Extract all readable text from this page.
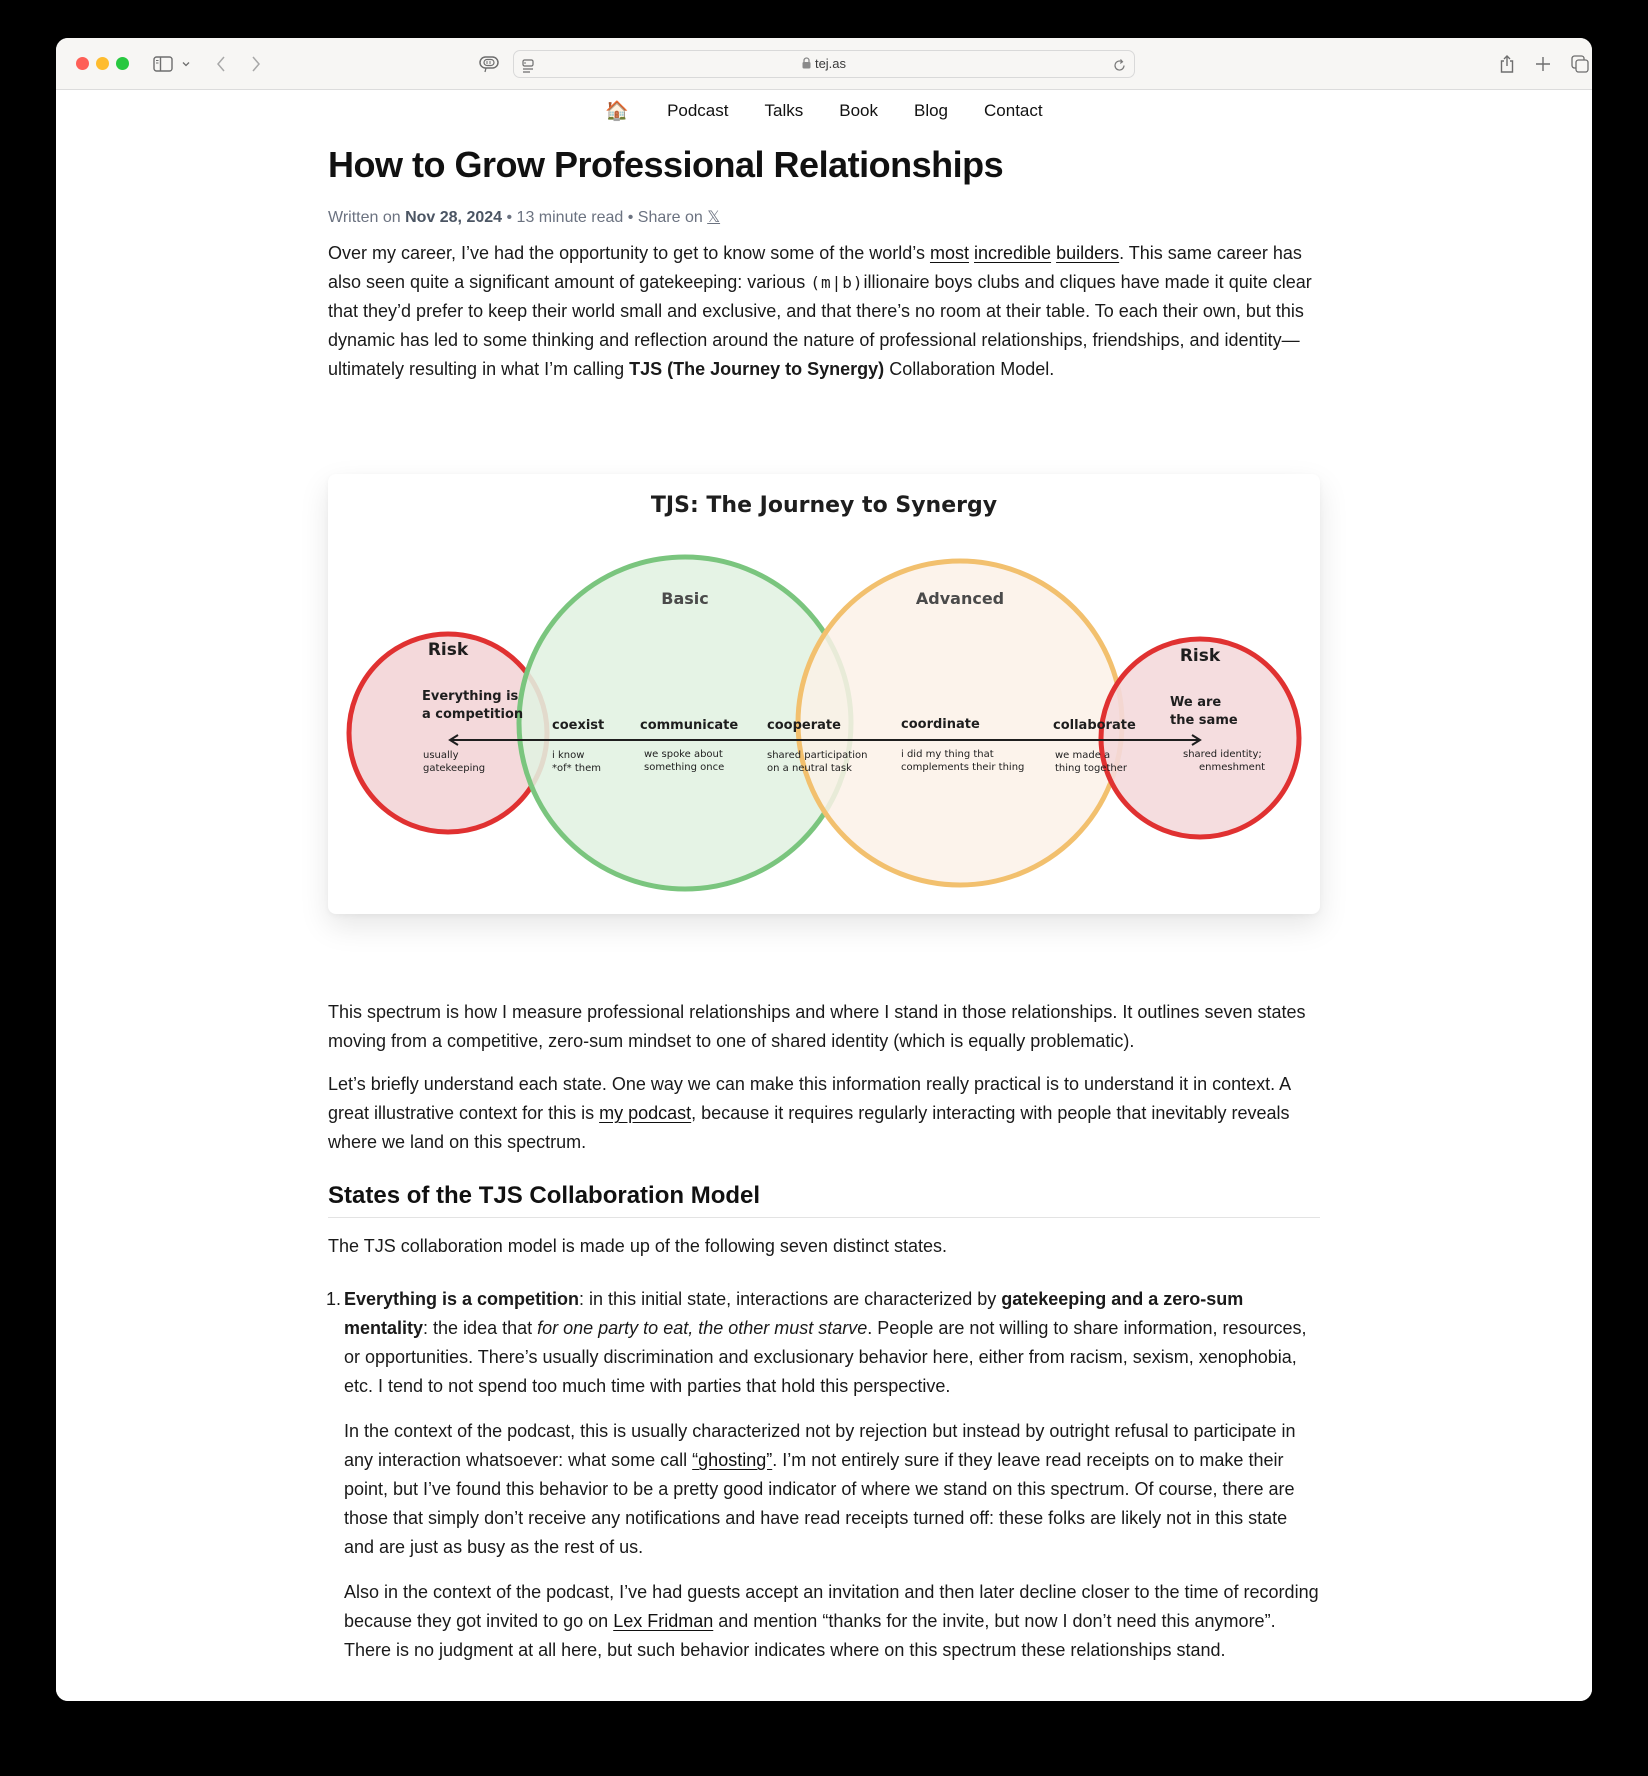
tej.as
🏠 Podcast Talks Book Blog Contact
How to Grow Professional Relationships
Written on Nov 28, 2024 • 13 minute read • Share on 𝕏

Over my career, I’ve had the opportunity to get to know some of the world’s most incredible builders. This same career has also seen quite a significant amount of gatekeeping: various (m|b)illionaire boys clubs and cliques have made it quite clear that they’d prefer to keep their world small and exclusive, and that there’s no room at their table. To each their own, but this dynamic has led to some thinking and reflection around the nature of professional relationships, friendships, and identity—ultimately resulting in what I’m calling TJS (The Journey to Synergy) Collaboration Model.

TJS: The Journey to Synergy
Risk
Basic	Advanced
Risk
Everything is
a competition
usually
gatekeeping
coexist
i know
*of* them
communicate
we spoke about
something once
cooperate
shared participation
on a neutral task
coordinate
i did my thing that
complements their thing
collaborate
we made a
thing together
We are
the same
shared identity;
enmeshment

This spectrum is how I measure professional relationships and where I stand in those relationships. It outlines seven states moving from a competitive, zero-sum mindset to one of shared identity (which is equally problematic).

Let’s briefly understand each state. One way we can make this information really practical is to understand it in context. A great illustrative context for this is my podcast, because it requires regularly interacting with people that inevitably reveals where we land on this spectrum.

States of the TJS Collaboration Model

The TJS collaboration model is made up of the following seven distinct states.

1. Everything is a competition: in this initial state, interactions are characterized by gatekeeping and a zero-sum mentality: the idea that for one party to eat, the other must starve. People are not willing to share information, resources, or opportunities. There’s usually discrimination and exclusionary behavior here, either from racism, sexism, xenophobia, etc. I tend to not spend too much time with parties that hold this perspective.

In the context of the podcast, this is usually characterized not by rejection but instead by outright refusal to participate in any interaction whatsoever: what some call “ghosting”. I’m not entirely sure if they leave read receipts on to make their point, but I’ve found this behavior to be a pretty good indicator of where we stand on this spectrum. Of course, there are those that simply don’t receive any notifications and have read receipts turned off: these folks are likely not in this state and are just as busy as the rest of us.

Also in the context of the podcast, I’ve had guests accept an invitation and then later decline closer to the time of recording because they got invited to go on Lex Fridman and mention “thanks for the invite, but now I don’t need this anymore”. There is no judgment at all here, but such behavior indicates where on this spectrum these relationships stand.
